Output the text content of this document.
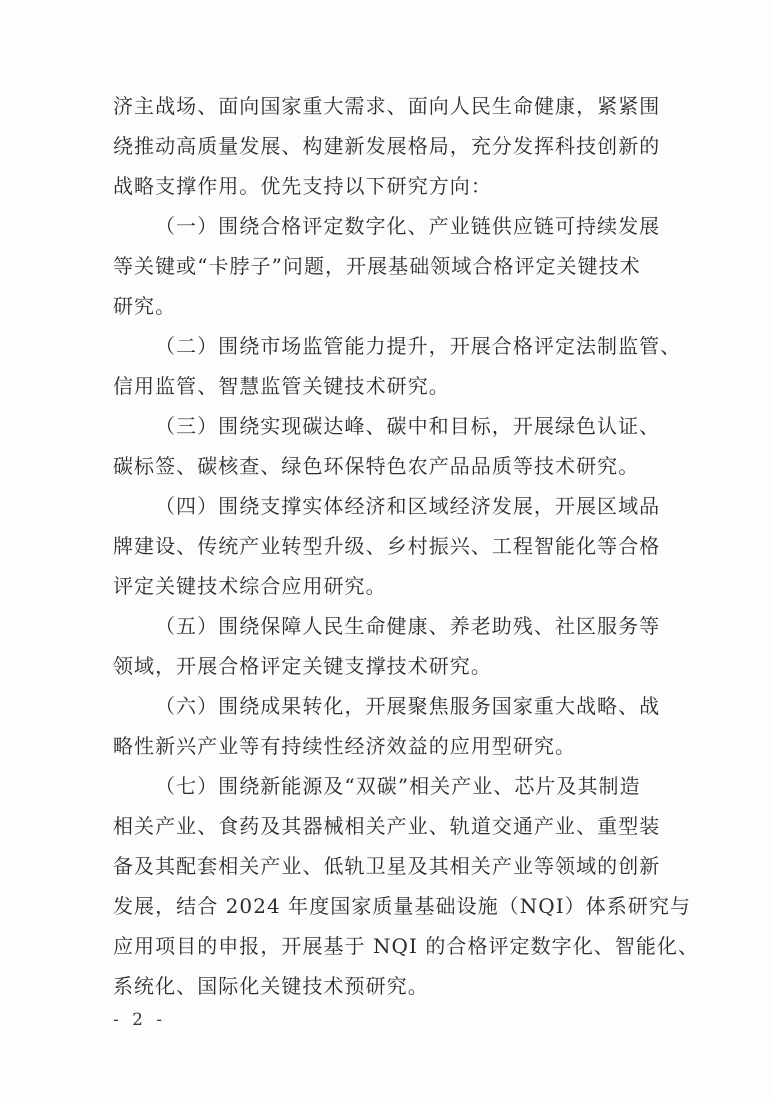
济主战场、面向国家重大需求、面向人民生命健康，紧紧围
绕推动高质量发展、构建新发展格局，充分发挥科技创新的
战略支撑作用。优先支持以下研究方向：
（一）围绕合格评定数字化、产业链供应链可持续发展
等关键或“卡脖子”问题，开展基础领域合格评定关键技术
研究。
（二）围绕市场监管能力提升，开展合格评定法制监管、
信用监管、智慧监管关键技术研究。
（三）围绕实现碳达峰、碳中和目标，开展绿色认证、
碳标签、碳核查、绿色环保特色农产品品质等技术研究。
（四）围绕支撑实体经济和区域经济发展，开展区域品
牌建设、传统产业转型升级、乡村振兴、工程智能化等合格
评定关键技术综合应用研究。
（五）围绕保障人民生命健康、养老助残、社区服务等
领域，开展合格评定关键支撑技术研究。
（六）围绕成果转化，开展聚焦服务国家重大战略、战
略性新兴产业等有持续性经济效益的应用型研究。
（七）围绕新能源及“双碳”相关产业、芯片及其制造
相关产业、食药及其器械相关产业、轨道交通产业、重型装
备及其配套相关产业、低轨卫星及其相关产业等领域的创新
发展，结合 2024 年度国家质量基础设施（NQI）体系研究与
应用项目的申报，开展基于 NQI 的合格评定数字化、智能化、
系统化、国际化关键技术预研究。
- 2 -
